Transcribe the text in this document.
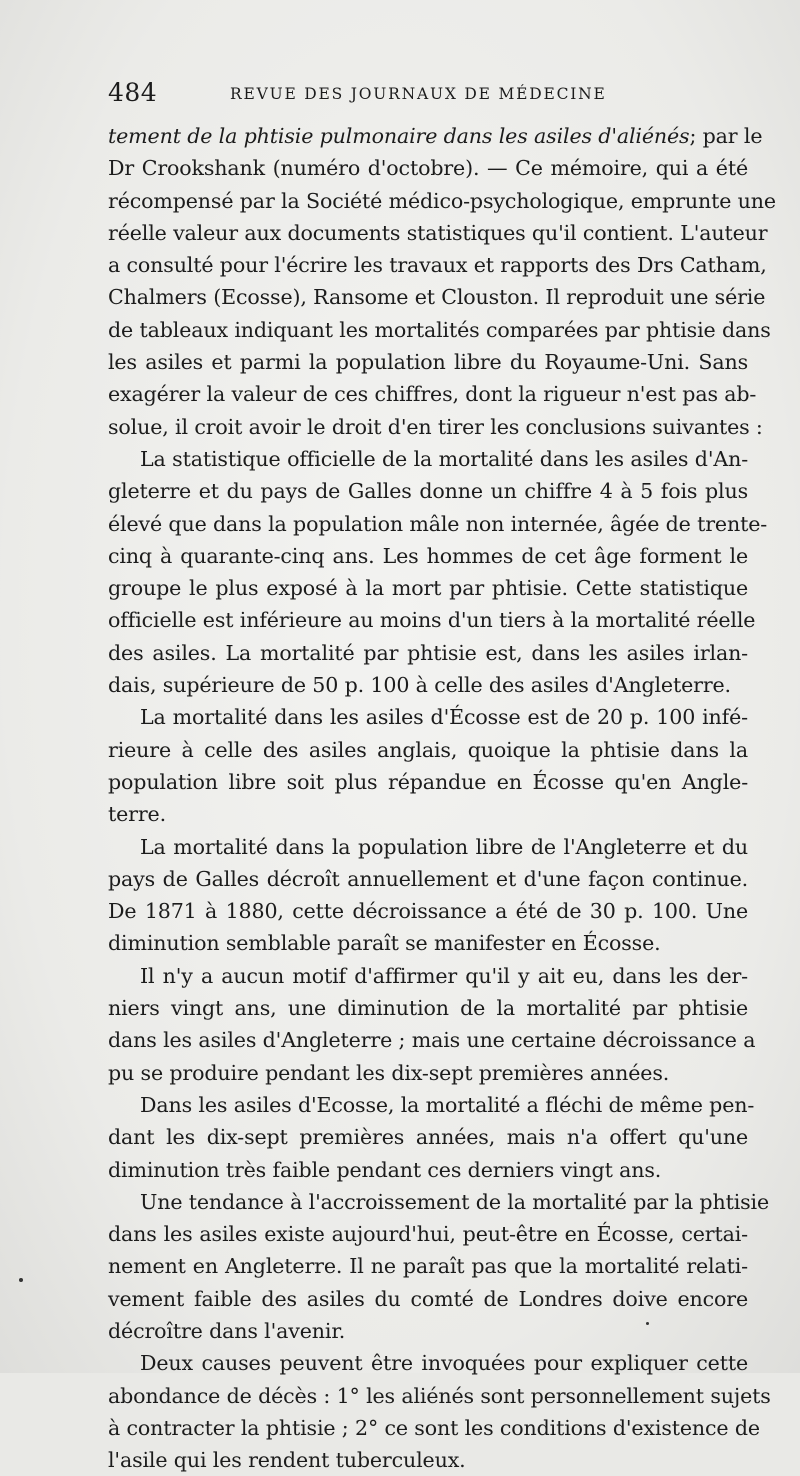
484	REVUE DES JOURNAUX DE MÉDECINE
tement de la phtisie pulmonaire dans les asiles d'aliénés; par le
Dr Crookshank (numéro d'octobre). — Ce mémoire, qui a été
récompensé par la Société médico-psychologique, emprunte une
réelle valeur aux documents statistiques qu'il contient. L'auteur
a consulté pour l'écrire les travaux et rapports des Drs Catham,
Chalmers (Ecosse), Ransome et Clouston. Il reproduit une série
de tableaux indiquant les mortalités comparées par phtisie dans
les asiles et parmi la population libre du Royaume-Uni. Sans
exagérer la valeur de ces chiffres, dont la rigueur n'est pas ab-
solue, il croit avoir le droit d'en tirer les conclusions suivantes :
La statistique officielle de la mortalité dans les asiles d'An-
gleterre et du pays de Galles donne un chiffre 4 à 5 fois plus
élevé que dans la population mâle non internée, âgée de trente-
cinq à quarante-cinq ans. Les hommes de cet âge forment le
groupe le plus exposé à la mort par phtisie. Cette statistique
officielle est inférieure au moins d'un tiers à la mortalité réelle
des asiles. La mortalité par phtisie est, dans les asiles irlan-
dais, supérieure de 50 p. 100 à celle des asiles d'Angleterre.
La mortalité dans les asiles d'Écosse est de 20 p. 100 infé-
rieure à celle des asiles anglais, quoique la phtisie dans la
population libre soit plus répandue en Écosse qu'en Angle-
terre.
La mortalité dans la population libre de l'Angleterre et du
pays de Galles décroît annuellement et d'une façon continue.
De 1871 à 1880, cette décroissance a été de 30 p. 100. Une
diminution semblable paraît se manifester en Écosse.
Il n'y a aucun motif d'affirmer qu'il y ait eu, dans les der-
niers vingt ans, une diminution de la mortalité par phtisie
dans les asiles d'Angleterre ; mais une certaine décroissance a
pu se produire pendant les dix-sept premières années.
Dans les asiles d'Ecosse, la mortalité a fléchi de même pen-
dant les dix-sept premières années, mais n'a offert qu'une
diminution très faible pendant ces derniers vingt ans.
Une tendance à l'accroissement de la mortalité par la phtisie
dans les asiles existe aujourd'hui, peut-être en Écosse, certai-
nement en Angleterre. Il ne paraît pas que la mortalité relati-
vement faible des asiles du comté de Londres doive encore
décroître dans l'avenir.
Deux causes peuvent être invoquées pour expliquer cette
abondance de décès : 1° les aliénés sont personnellement sujets
à contracter la phtisie ; 2° ce sont les conditions d'existence de
l'asile qui les rendent tuberculeux.
